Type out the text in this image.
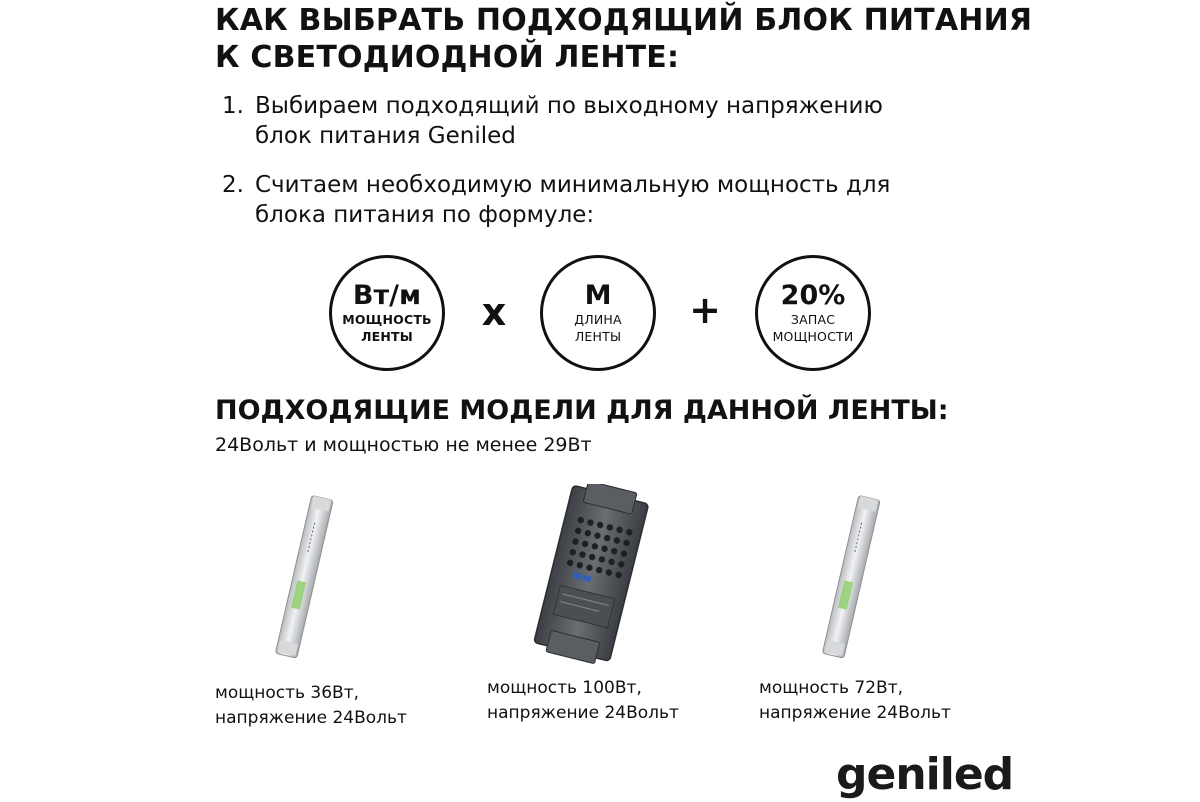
КАК ВЫБРАТЬ ПОДХОДЯЩИЙ БЛОК ПИТАНИЯ
К СВЕТОДИОДНОЙ ЛЕНТЕ:
1. Выбираем подходящий по выходному напряжению
блок питания Geniled
2. Считаем необходимую минимальную мощность для
блока питания по формуле:
Вт/м
МОЩНОСТЬ
ЛЕНТЫ
х	М
ДЛИНА
ЛЕНТЫ
+ 20%
ЗАПАС
МОЩНОСТИ
ПОДХОДЯЩИЕ МОДЕЛИ ДЛЯ ДАННОЙ ЛЕНТЫ:
24Вольт и мощностью не менее 29Вт
мощность 36Вт,
напряжение 24Вольт
мощность 100Вт,
напряжение 24Вольт
мощность 72Вт,
напряжение 24Вольт
geniled
